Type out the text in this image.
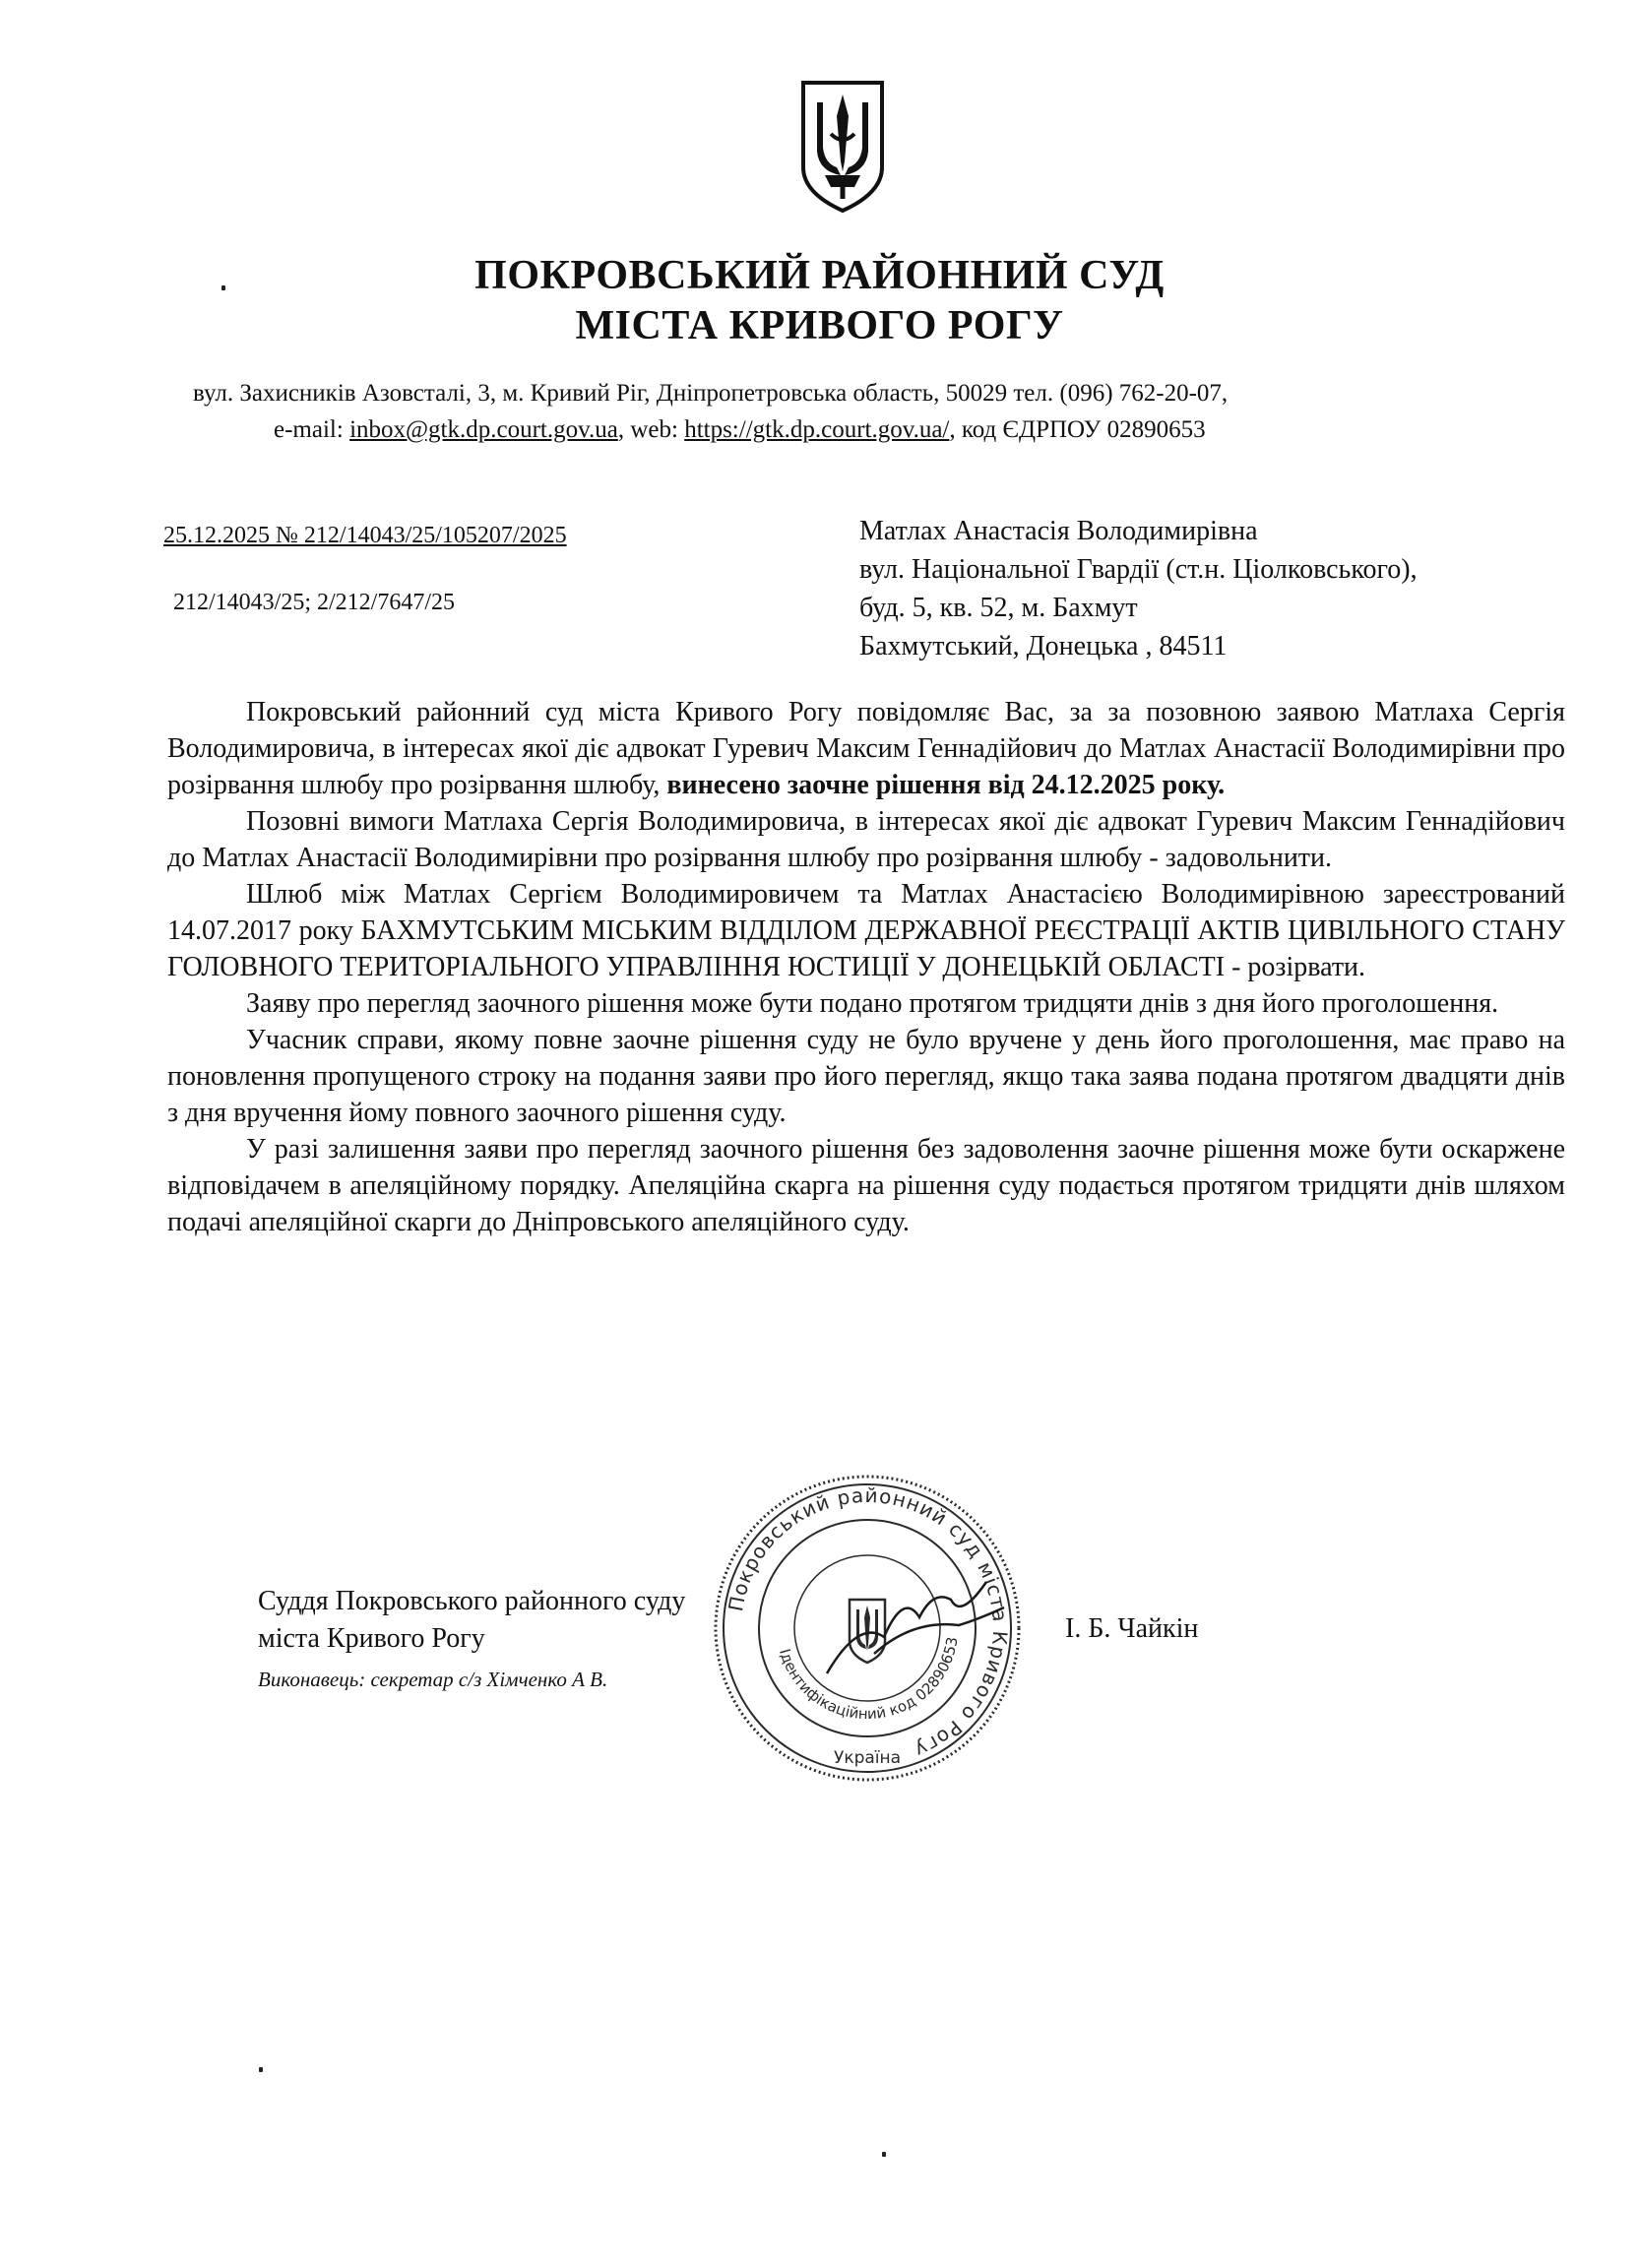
ПОКРОВСЬКИЙ РАЙОННИЙ СУД
МІСТА КРИВОГО РОГУ
вул. Захисників Азовсталі, 3, м. Кривий Ріг, Дніпропетровська область, 50029 тел. (096) 762-20-07,
e-mail: inbox@gtk.dp.court.gov.ua, web: https://gtk.dp.court.gov.ua/, код ЄДРПОУ 02890653
25.12.2025 № 212/14043/25/105207/2025
212/14043/25; 2/212/7647/25
Матлах Анастасія Володимирівна
вул. Національної Гвардії (ст.н. Ціолковського),
буд. 5, кв. 52, м. Бахмут
Бахмутський, Донецька , 84511

Покровський районний суд міста Кривого Рогу повідомляє Вас, за за позовною заявою Матлаха Сергія Володимировича, в інтересах якої діє адвокат Гуревич Максим Геннадійович до Матлах Анастасії Володимирівни про розірвання шлюбу про розірвання шлюбу, винесено заочне рішення від 24.12.2025 року.

Позовні вимоги Матлаха Сергія Володимировича, в інтересах якої діє адвокат Гуревич Максим Геннадійович до Матлах Анастасії Володимирівни про розірвання шлюбу про розірвання шлюбу - задовольнити.

Шлюб між Матлах Сергієм Володимировичем та Матлах Анастасією Володимирівною зареєстрований 14.07.2017 року БАХМУТСЬКИМ МІСЬКИМ ВІДДІЛОМ ДЕРЖАВНОЇ РЕЄСТРАЦІЇ АКТІВ ЦИВІЛЬНОГО СТАНУ ГОЛОВНОГО ТЕРИТОРІАЛЬНОГО УПРАВЛІННЯ ЮСТИЦІЇ У ДОНЕЦЬКІЙ ОБЛАСТІ - розірвати.

Заяву про перегляд заочного рішення може бути подано протягом тридцяти днів з дня його проголошення.

Учасник справи, якому повне заочне рішення суду не було вручене у день його проголошення, має право на поновлення пропущеного строку на подання заяви про його перегляд, якщо така заява подана протягом двадцяти днів з дня вручення йому повного заочного рішення суду.

У разі залишення заяви про перегляд заочного рішення без задоволення заочне рішення може бути оскаржене відповідачем в апеляційному порядку. Апеляційна скарга на рішення суду подається протягом тридцяти днів шляхом подачі апеляційної скарги до Дніпровського апеляційного суду.

Покровський районний суд міста Кривого Рогу
Ідентифікаційний код 02890653
Україна
Суддя Покровського районного суду
міста Кривого Рогу
Виконавець: секретар с/з Хімченко А В.
І. Б. Чайкін
